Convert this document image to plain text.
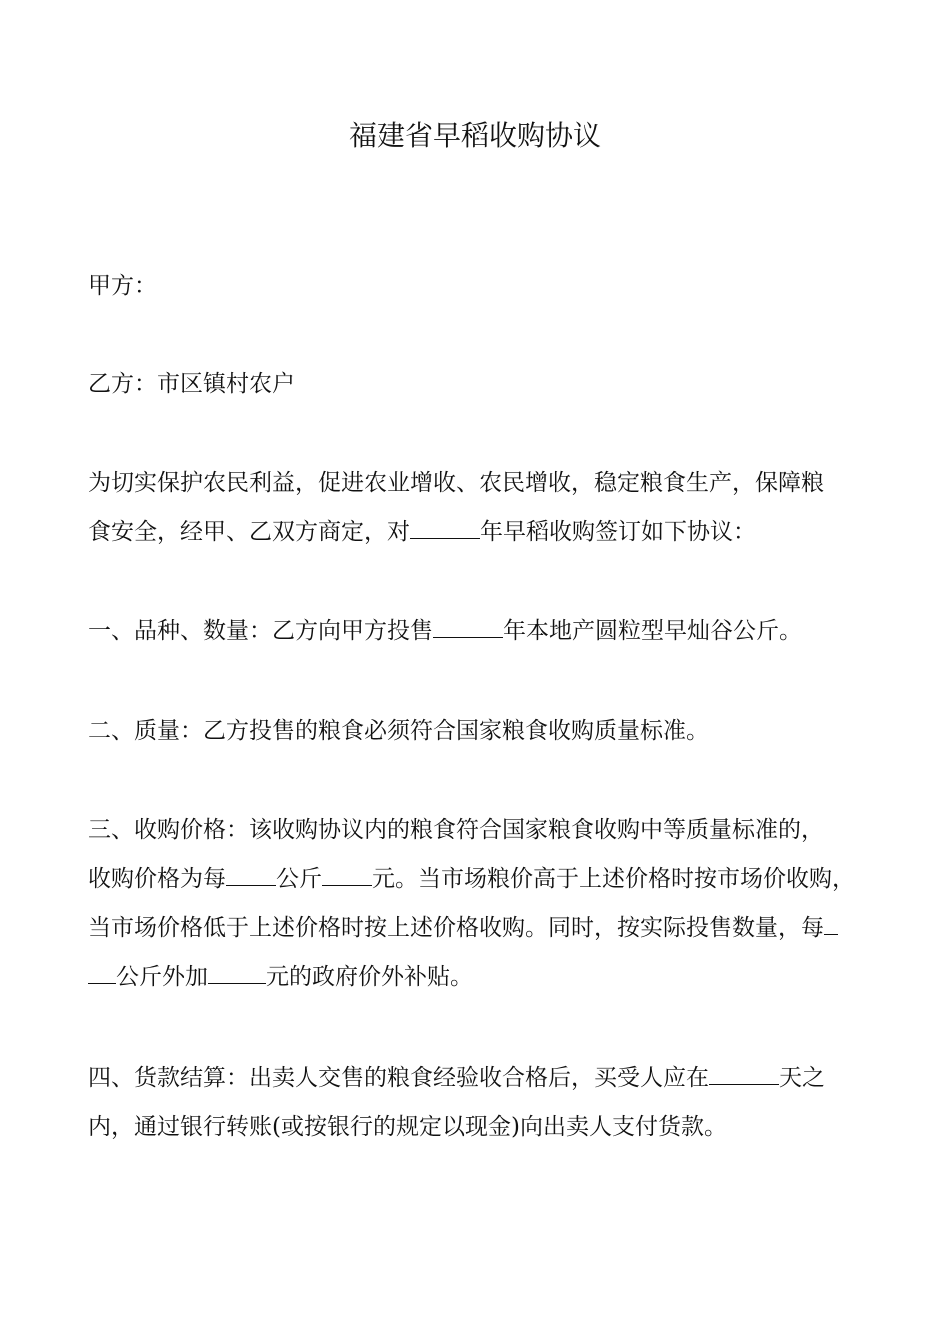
福建省早稻收购协议
甲方：
乙方：市区镇村农户
为切实保护农民利益，促进农业增收、农民增收，稳定粮食生产，保障粮
食安全，经甲、乙双方商定，对	年早稻收购签订如下协议：
一、品种、数量：乙方向甲方投售	年本地产圆粒型早灿谷公斤。
二、质量：乙方投售的粮食必须符合国家粮食收购质量标准。
三、收购价格：该收购协议内的粮食符合国家粮食收购中等质量标准的，
收购价格为每 公斤 元。当市场粮价高于上述价格时按市场价收购，
当市场价格低于上述价格时按上述价格收购。同时，按实际投售数量，每
公斤外加	元的政府价外补贴。
四、货款结算：出卖人交售的粮食经验收合格后，买受人应在	天之
内，通过银行转账(或按银行的规定以现金)向出卖人支付货款。
